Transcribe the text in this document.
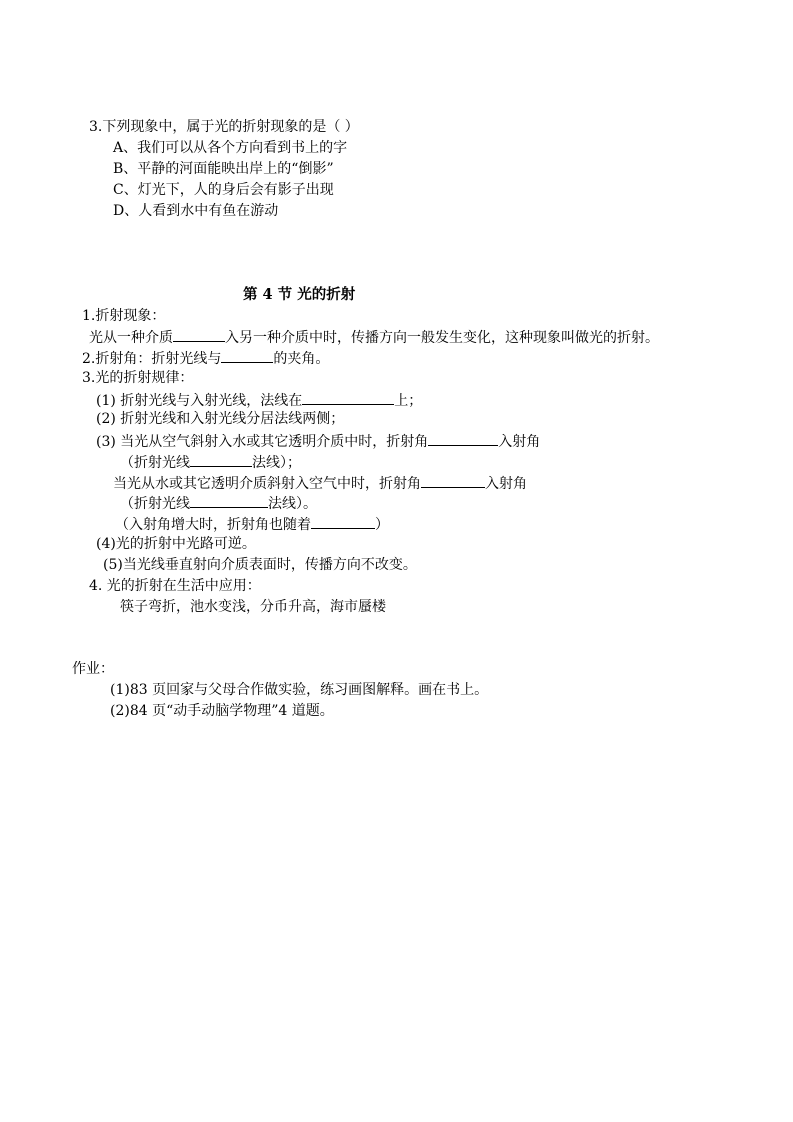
3.下列现象中，属于光的折射现象的是（ ）
A、我们可以从各个方向看到书上的字
B、平静的河面能映出岸上的“倒影”
C、灯光下，人的身后会有影子出现
D、人看到水中有鱼在游动
第 4 节 光的折射
1.折射现象：
光从一种介质	入另一种介质中时，传播方向一般发生变化，这种现象叫做光的折射。
2.折射角：折射光线与	的夹角。
3.光的折射规律：
(1) 折射光线与入射光线，法线在	上；
(2) 折射光线和入射光线分居法线两侧；
(3) 当光从空气斜射入水或其它透明介质中时，折射角	入射角
（折射光线	法线）；
当光从水或其它透明介质斜射入空气中时，折射角	入射角
（折射光线	法线）。
（入射角增大时，折射角也随着	）
(4)光的折射中光路可逆。
(5)当光线垂直射向介质表面时，传播方向不改变。
4. 光的折射在生活中应用：
筷子弯折，池水变浅，分币升高，海市蜃楼
作业：
(1)83 页回家与父母合作做实验，练习画图解释。画在书上。
(2)84 页“动手动脑学物理”4 道题。
